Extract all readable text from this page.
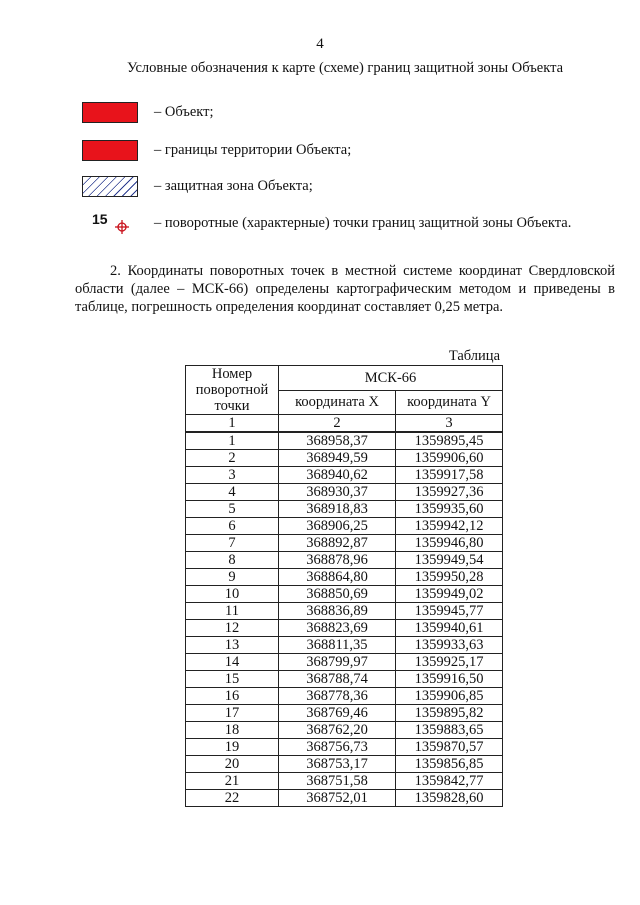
4
Условные обозначения к карте (схеме) границ защитной зоны Объекта
– Объект;
– границы территории Объекта;
– защитная зона Объекта;
15	– поворотные (характерные) точки границ защитной зоны Объекта.
2. Координаты поворотных точек в местной системе координат Свердловской области (далее – МСК-66) определены картографическим методом и приведены в таблице, погрешность определения координат составляет 0,25 метра.
Таблица
Номер поворотной точки	МСК-66	
	координата X	координата Y
1	2	3
1	368958,37	1359895,45
2	368949,59	1359906,60
3	368940,62	1359917,58
4	368930,37	1359927,36
5	368918,83	1359935,60
6	368906,25	1359942,12
7	368892,87	1359946,80
8	368878,96	1359949,54
9	368864,80	1359950,28
10	368850,69	1359949,02
11	368836,89	1359945,77
12	368823,69	1359940,61
13	368811,35	1359933,63
14	368799,97	1359925,17
15	368788,74	1359916,50
16	368778,36	1359906,85
17	368769,46	1359895,82
18	368762,20	1359883,65
19	368756,73	1359870,57
20	368753,17	1359856,85
21	368751,58	1359842,77
22	368752,01	1359828,60
